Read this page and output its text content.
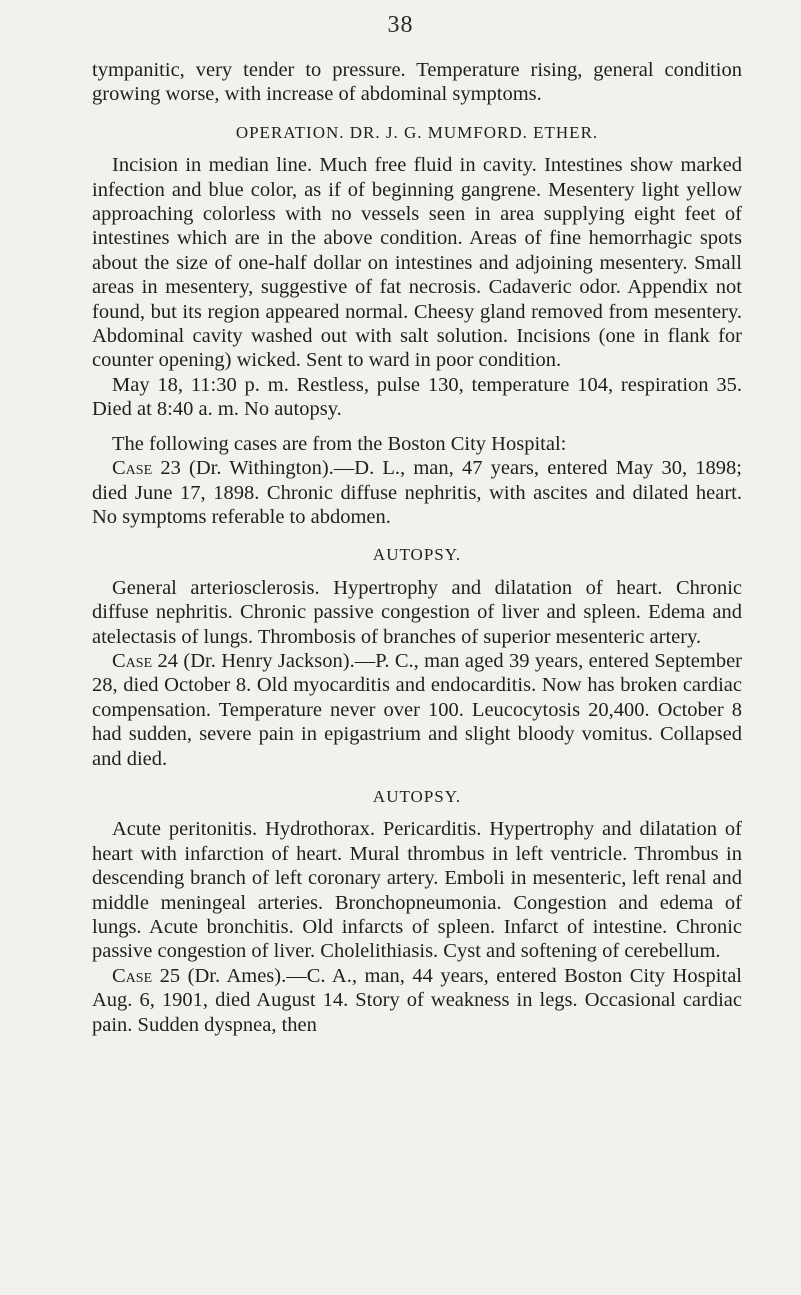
38

tympanitic, very tender to pressure. Temperature rising, general condition growing worse, with increase of abdominal symptoms.

OPERATION. DR. J. G. MUMFORD. ETHER.

Incision in median line. Much free fluid in cavity. Intestines show marked infection and blue color, as if of beginning gangrene. Mesentery light yellow approaching colorless with no vessels seen in area supplying eight feet of intestines which are in the above condition. Areas of fine hemorrhagic spots about the size of one-half dollar on intestines and adjoining mesentery. Small areas in mesentery, suggestive of fat necrosis. Cadaveric odor. Appendix not found, but its region appeared normal. Cheesy gland removed from mesentery. Abdominal cavity washed out with salt solution. Incisions (one in flank for counter opening) wicked. Sent to ward in poor condition.

May 18, 11:30 p. m. Restless, pulse 130, temperature 104, respiration 35. Died at 8:40 a. m. No autopsy.

The following cases are from the Boston City Hospital:

Case 23 (Dr. Withington).—D. L., man, 47 years, entered May 30, 1898; died June 17, 1898. Chronic diffuse nephritis, with ascites and dilated heart. No symptoms referable to abdomen.

AUTOPSY.

General arteriosclerosis. Hypertrophy and dilatation of heart. Chronic diffuse nephritis. Chronic passive congestion of liver and spleen. Edema and atelectasis of lungs. Thrombosis of branches of superior mesenteric artery.

Case 24 (Dr. Henry Jackson).—P. C., man aged 39 years, entered September 28, died October 8. Old myocarditis and endocarditis. Now has broken cardiac compensation. Temperature never over 100. Leucocytosis 20,400. October 8 had sudden, severe pain in epigastrium and slight bloody vomitus. Collapsed and died.

AUTOPSY.

Acute peritonitis. Hydrothorax. Pericarditis. Hypertrophy and dilatation of heart with infarction of heart. Mural thrombus in left ventricle. Thrombus in descending branch of left coronary artery. Emboli in mesenteric, left renal and middle meningeal arteries. Bronchopneumonia. Congestion and edema of lungs. Acute bronchitis. Old infarcts of spleen. Infarct of intestine. Chronic passive congestion of liver. Cholelithiasis. Cyst and softening of cerebellum.

Case 25 (Dr. Ames).—C. A., man, 44 years, entered Boston City Hospital Aug. 6, 1901, died August 14. Story of weakness in legs. Occasional cardiac pain. Sudden dyspnea, then
